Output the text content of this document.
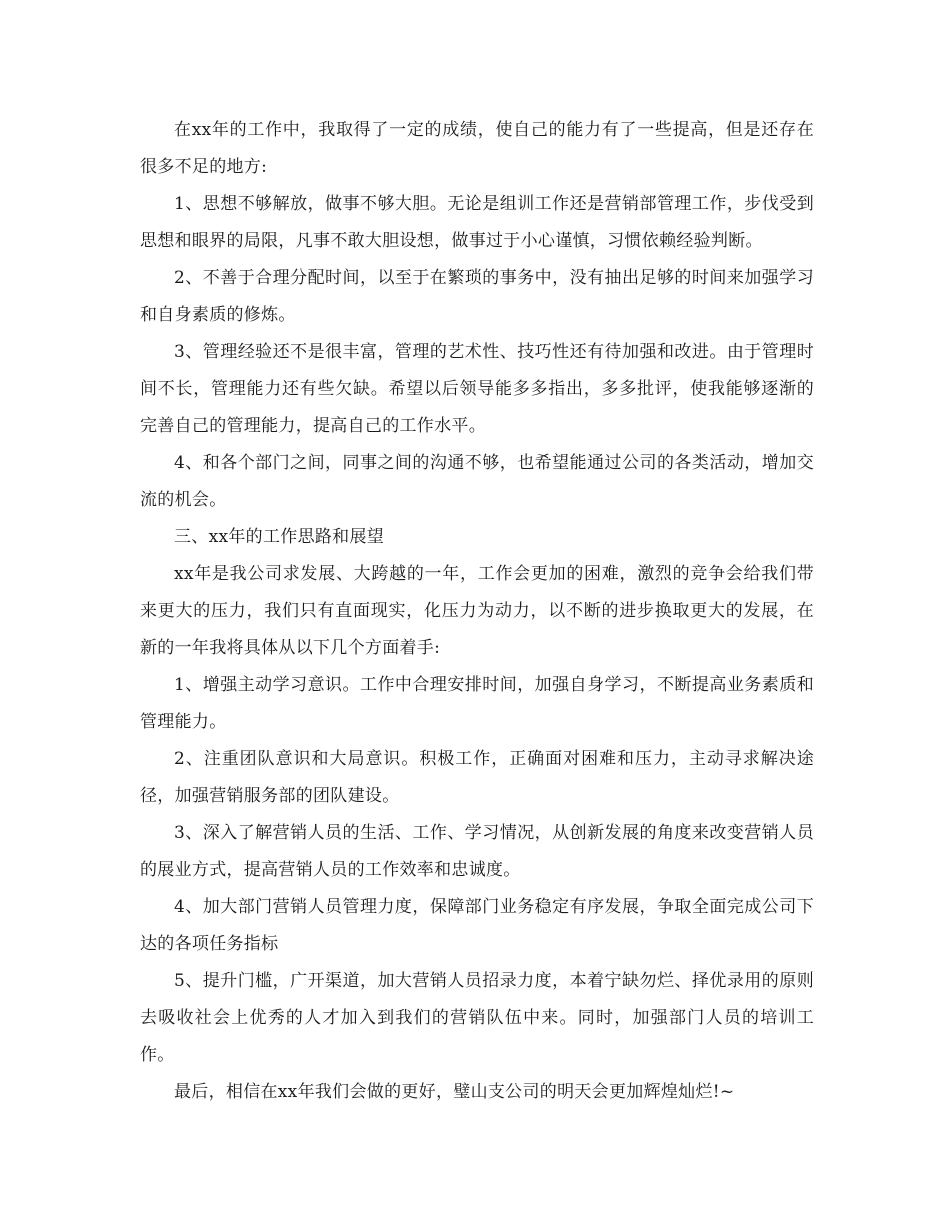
在xx年的工作中，我取得了一定的成绩，使自己的能力有了一些提高，但是还存在很多不足的地方:

1、思想不够解放，做事不够大胆。无论是组训工作还是营销部管理工作，步伐受到思想和眼界的局限，凡事不敢大胆设想，做事过于小心谨慎，习惯依赖经验判断。

2、不善于合理分配时间，以至于在繁琐的事务中，没有抽出足够的时间来加强学习和自身素质的修炼。

3、管理经验还不是很丰富，管理的艺术性、技巧性还有待加强和改进。由于管理时间不长，管理能力还有些欠缺。希望以后领导能多多指出，多多批评，使我能够逐渐的完善自己的管理能力，提高自己的工作水平。

4、和各个部门之间，同事之间的沟通不够，也希望能通过公司的各类活动，增加交流的机会。

三、xx年的工作思路和展望

xx年是我公司求发展、大跨越的一年，工作会更加的困难，激烈的竞争会给我们带来更大的压力，我们只有直面现实，化压力为动力，以不断的进步换取更大的发展，在新的一年我将具体从以下几个方面着手:

1、增强主动学习意识。工作中合理安排时间，加强自身学习，不断提高业务素质和管理能力。

2、注重团队意识和大局意识。积极工作，正确面对困难和压力，主动寻求解决途径，加强营销服务部的团队建设。

3、深入了解营销人员的生活、工作、学习情况，从创新发展的角度来改变营销人员的展业方式，提高营销人员的工作效率和忠诚度。

4、加大部门营销人员管理力度，保障部门业务稳定有序发展，争取全面完成公司下达的各项任务指标

5、提升门槛，广开渠道，加大营销人员招录力度，本着宁缺勿烂、择优录用的原则去吸收社会上优秀的人才加入到我们的营销队伍中来。同时，加强部门人员的培训工作。

最后，相信在xx年我们会做的更好，璧山支公司的明天会更加辉煌灿烂!~
